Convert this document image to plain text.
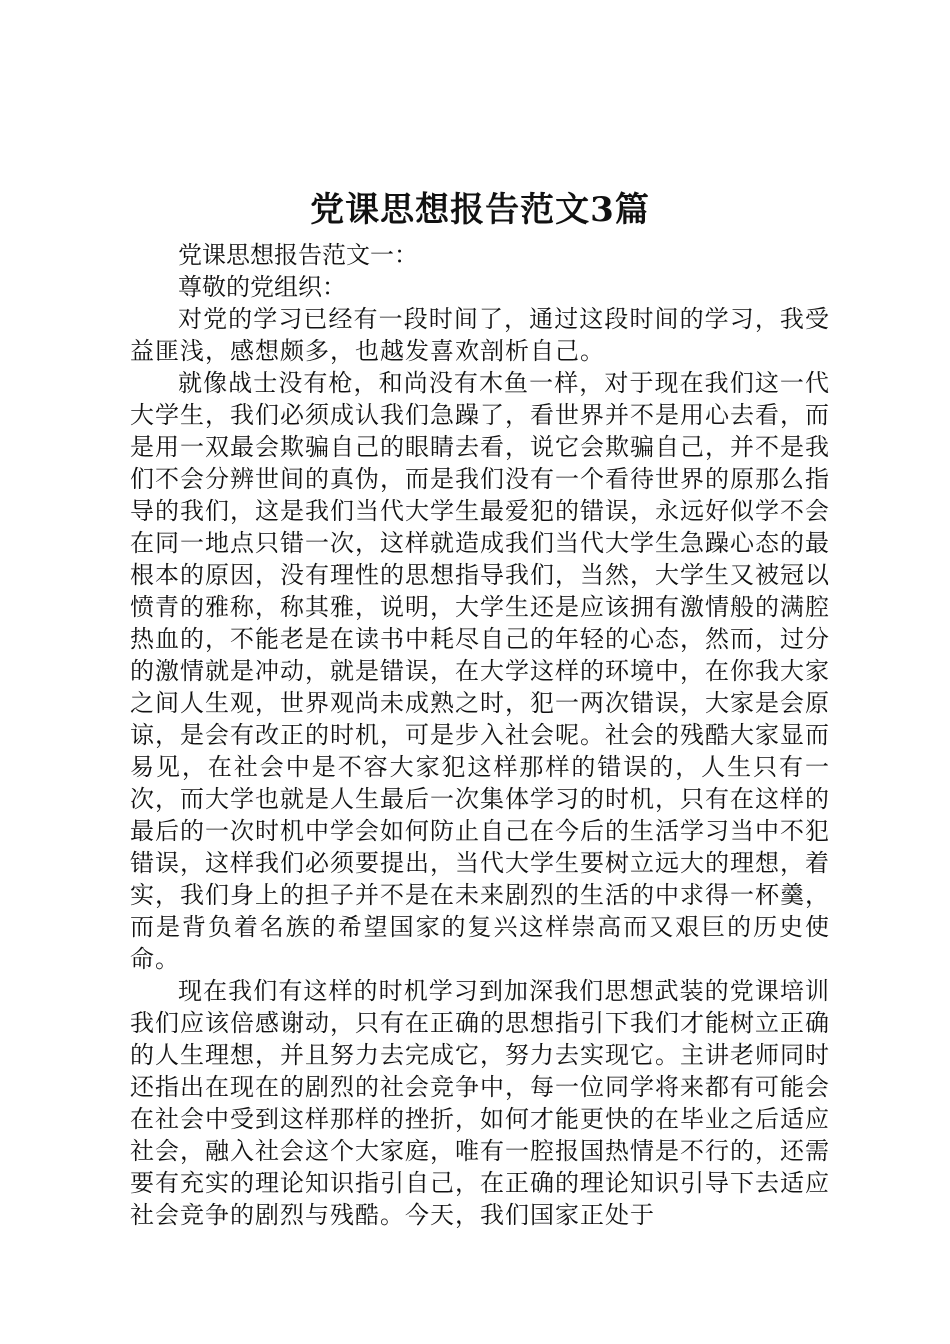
党课思想报告范文3篇

党课思想报告范文一：

尊敬的党组织：

对党的学习已经有一段时间了，通过这段时间的学习，我受益匪浅，感想颇多，也越发喜欢剖析自己。

就像战士没有枪，和尚没有木鱼一样，对于现在我们这一代大学生，我们必须成认我们急躁了，看世界并不是用心去看，而是用一双最会欺骗自己的眼睛去看，说它会欺骗自己，并不是我们不会分辨世间的真伪，而是我们没有一个看待世界的原那么指导的我们，这是我们当代大学生最爱犯的错误，永远好似学不会在同一地点只错一次，这样就造成我们当代大学生急躁心态的最根本的原因，没有理性的思想指导我们，当然，大学生又被冠以愤青的雅称，称其雅，说明，大学生还是应该拥有激情般的满腔热血的，不能老是在读书中耗尽自己的年轻的心态，然而，过分的激情就是冲动，就是错误，在大学这样的环境中，在你我大家之间人生观，世界观尚未成熟之时，犯一两次错误，大家是会原谅，是会有改正的时机，可是步入社会呢。社会的残酷大家显而易见，在社会中是不容大家犯这样那样的错误的，人生只有一次，而大学也就是人生最后一次集体学习的时机，只有在这样的最后的一次时机中学会如何防止自己在今后的生活学习当中不犯错误，这样我们必须要提出，当代大学生要树立远大的理想，着实，我们身上的担子并不是在未来剧烈的生活的中求得一杯羹，而是背负着名族的希望国家的复兴这样崇高而又艰巨的历史使命。

现在我们有这样的时机学习到加深我们思想武装的党课培训我们应该倍感谢动，只有在正确的思想指引下我们才能树立正确的人生理想，并且努力去完成它，努力去实现它。主讲老师同时还指出在现在的剧烈的社会竞争中，每一位同学将来都有可能会在社会中受到这样那样的挫折，如何才能更快的在毕业之后适应社会，融入社会这个大家庭，唯有一腔报国热情是不行的，还需要有充实的理论知识指引自己，在正确的理论知识引导下去适应社会竞争的剧烈与残酷。今天，我们国家正处于
